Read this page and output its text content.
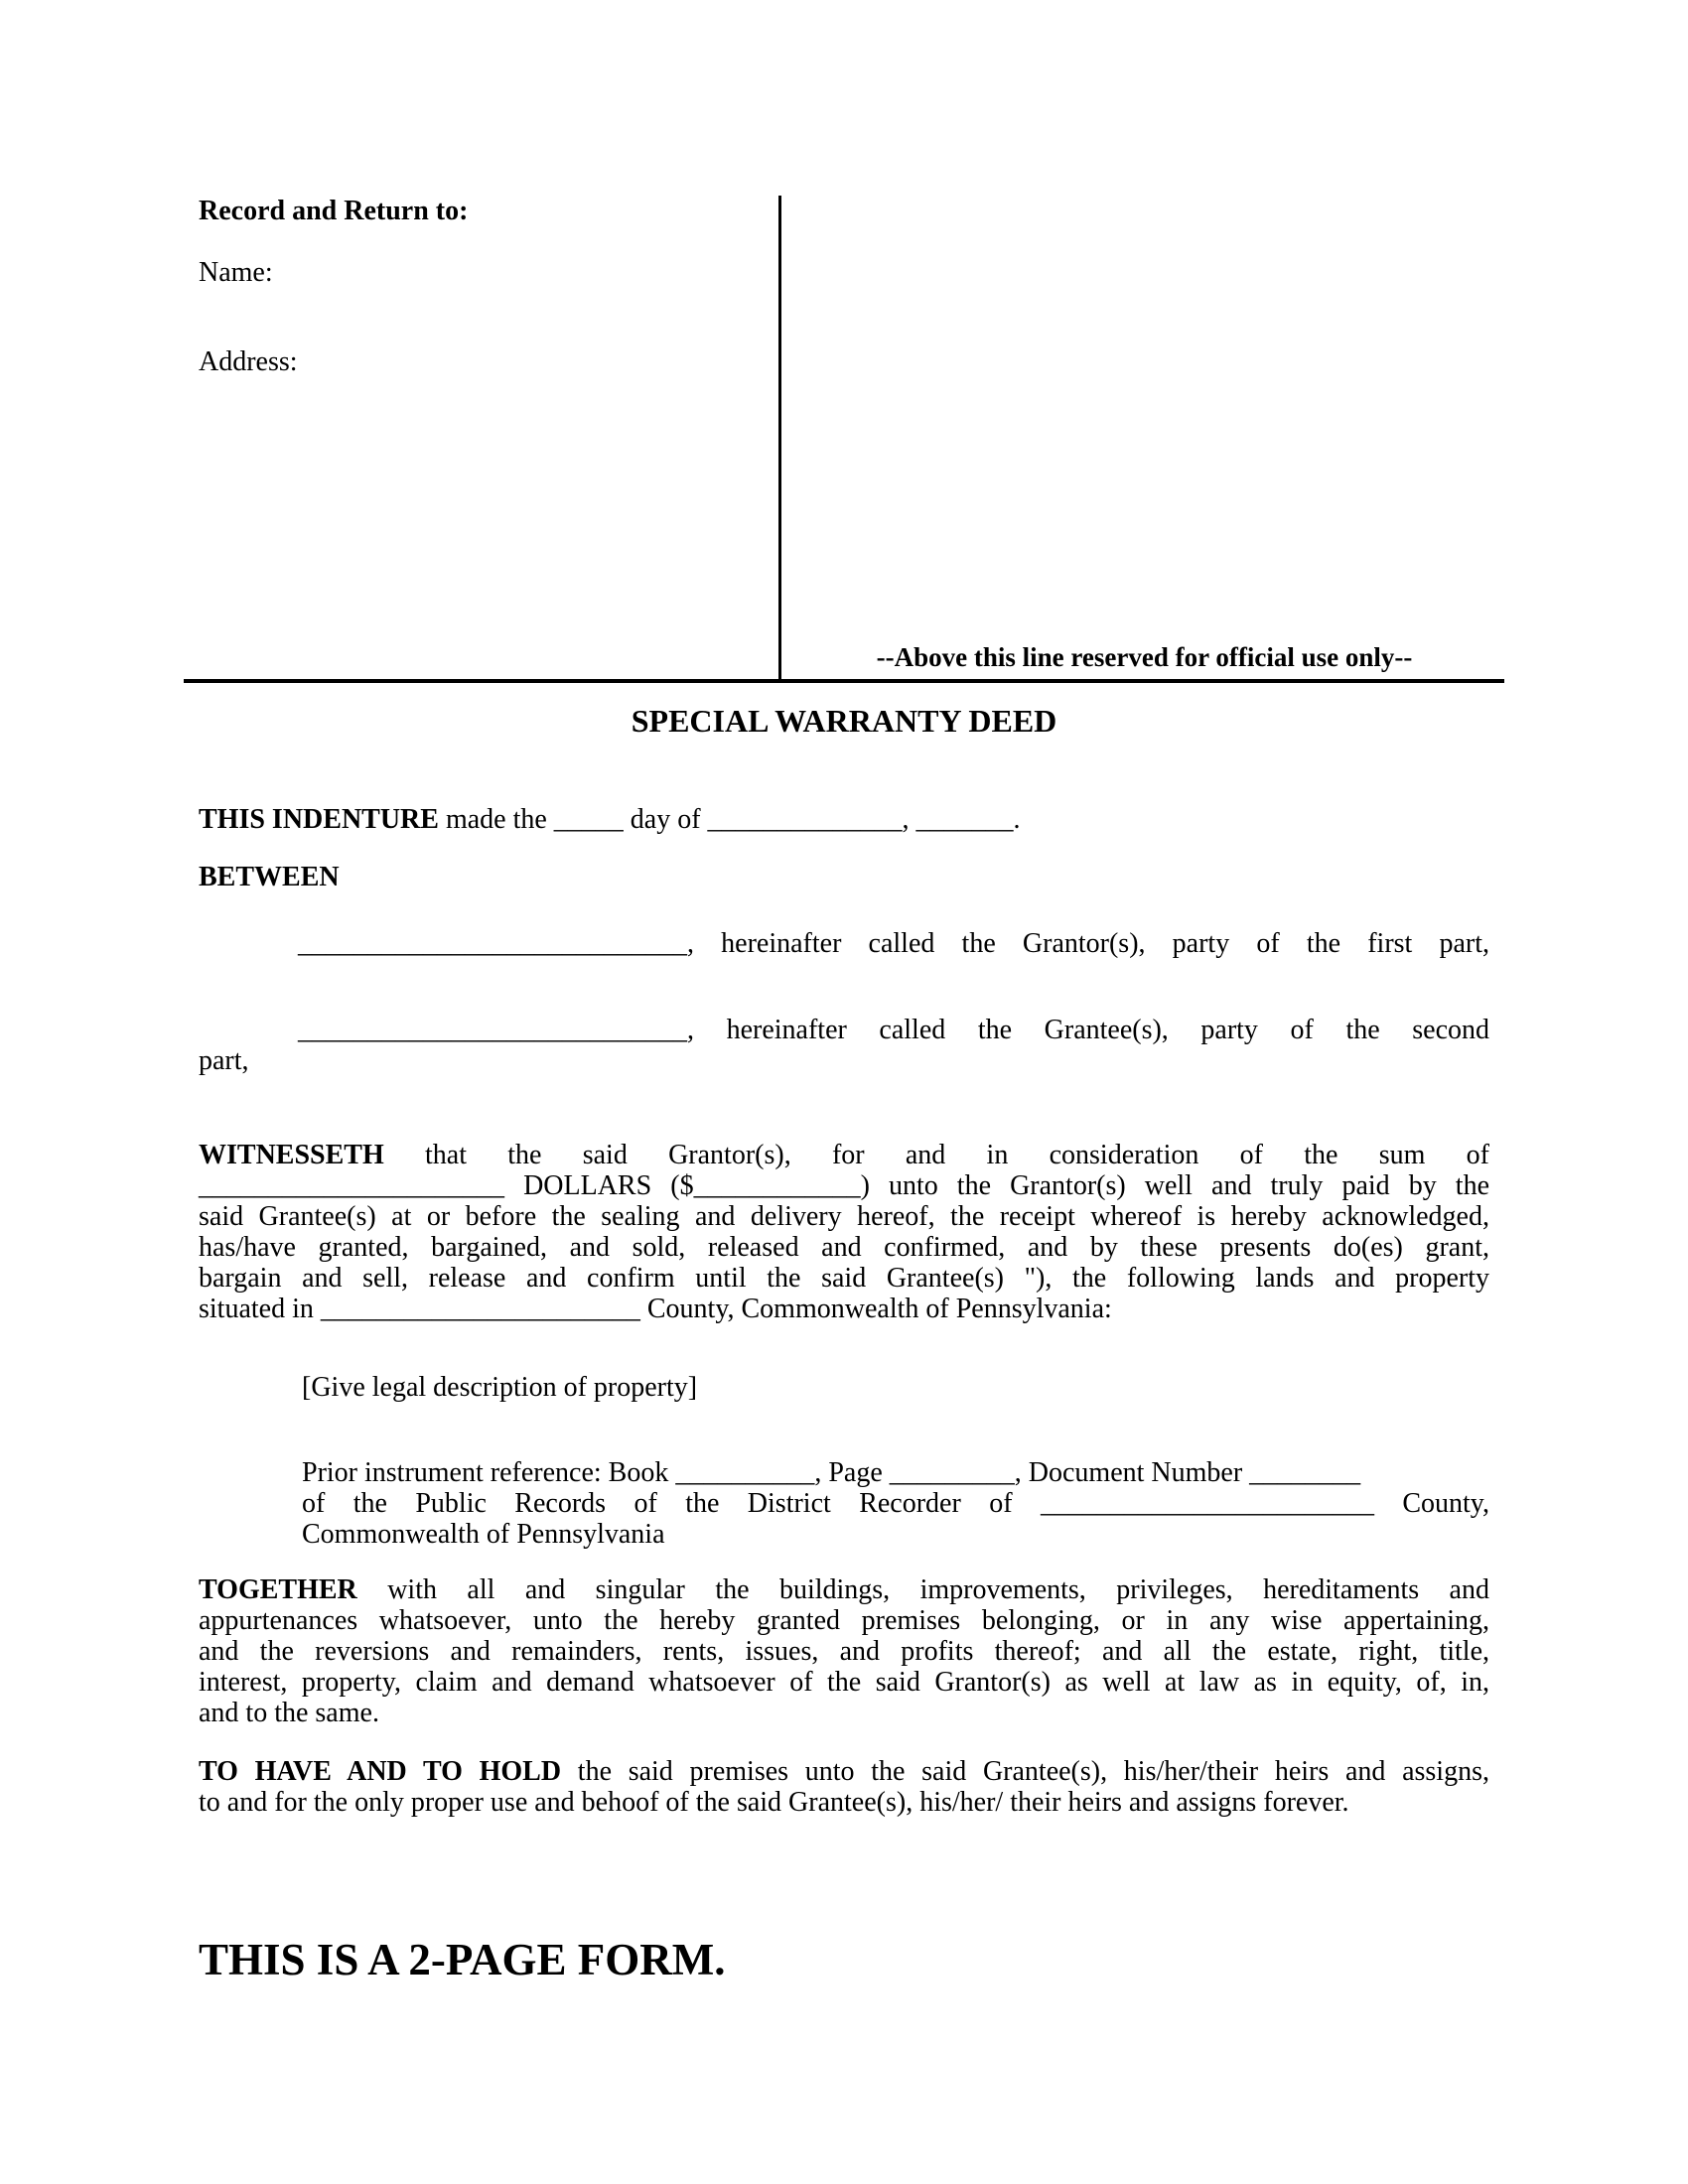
Record and Return to:
Name:
Address:
--Above this line reserved for official use only--
SPECIAL WARRANTY DEED
THIS INDENTURE made the _____ day of ______________, _______.
BETWEEN
____________________________, hereinafter called the Grantor(s), party of the first part,
____________________________, hereinafter called the Grantee(s), party of the second
part,
WITNESSETH that the said Grantor(s), for and in consideration of the sum of
______________________ DOLLARS ($____________) unto the Grantor(s) well and truly paid by the
said Grantee(s) at or before the sealing and delivery hereof, the receipt whereof is hereby acknowledged,
has/have granted, bargained, and sold, released and confirmed, and by these presents do(es) grant,
bargain and sell, release and confirm until the said Grantee(s) "), the following lands and property
situated in _______________________ County, Commonwealth of Pennsylvania:
[Give legal description of property]
Prior instrument reference: Book __________, Page _________, Document Number ________
of the Public Records of the District Recorder of ________________________ County,
Commonwealth of Pennsylvania
TOGETHER with all and singular the buildings, improvements, privileges, hereditaments and
appurtenances whatsoever, unto the hereby granted premises belonging, or in any wise appertaining,
and the reversions and remainders, rents, issues, and profits thereof; and all the estate, right, title,
interest, property, claim and demand whatsoever of the said Grantor(s) as well at law as in equity, of, in,
and to the same.
TO HAVE AND TO HOLD the said premises unto the said Grantee(s), his/her/their heirs and assigns,
to and for the only proper use and behoof of the said Grantee(s), his/her/ their heirs and assigns forever.
THIS IS A 2-PAGE FORM.
